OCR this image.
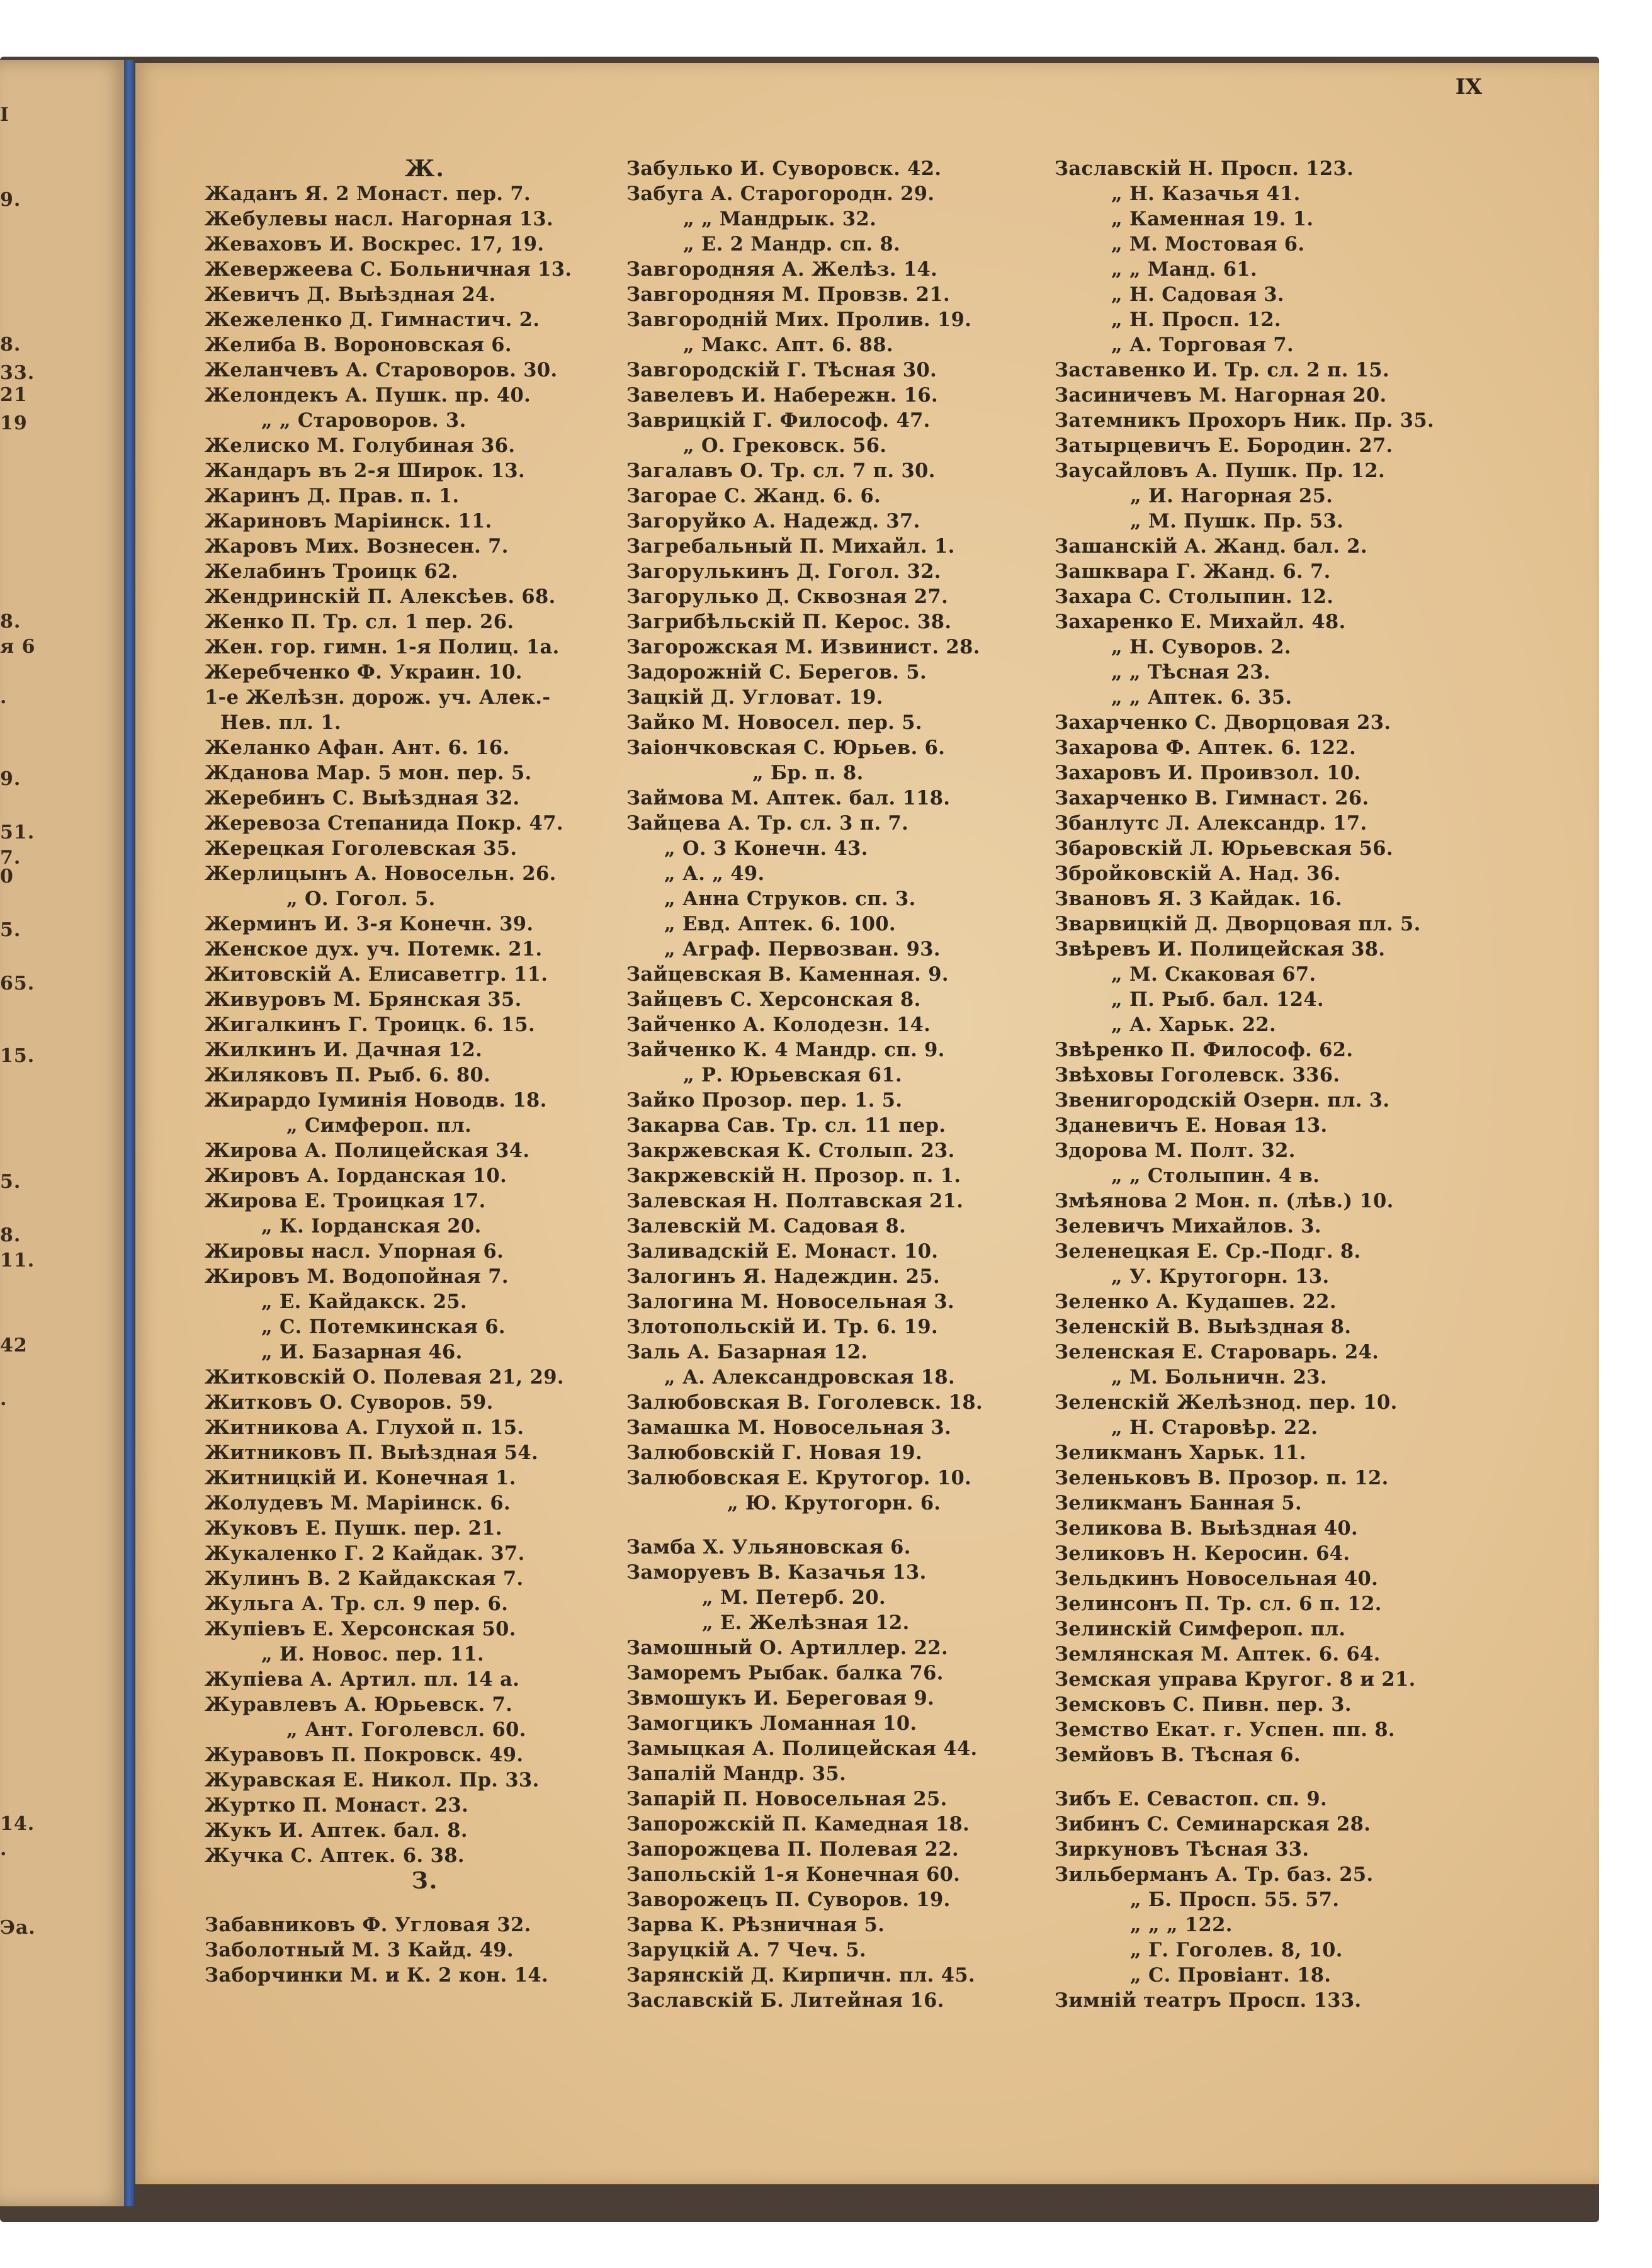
I
9.
8.
33.
21
19
8.
я 6
.
9.
51.
7.
0
5.
65.
15.
5.
8.
11.
42
.
14.
.
Эа.
IX
Ж.
Жаданъ Я. 2 Монаст. пер. 7.
Жебулевы насл. Нагорная 13.
Жеваховъ И. Воскрес. 17, 19.
Жевержеева С. Больничная 13.
Жевичъ Д. Выѣздная 24.
Жежеленко Д. Гимнастич. 2.
Желиба В. Вороновская 6.
Желанчевъ А. Староворов. 30.
Желондекъ А. Пушк. пр. 40.
„ „ Староворов. 3.
Желиско М. Голубиная 36.
Жандаръ въ 2-я Широк. 13.
Жаринъ Д. Прав. п. 1.
Жариновъ Маріинск. 11.
Жаровъ Мих. Вознесен. 7.
Желабинъ Троицк 62.
Жендринскій П. Алексѣев. 68.
Женко П. Тр. сл. 1 пер. 26.
Жен. гор. гимн. 1-я Полиц. 1а.
Жеребченко Ф. Украин. 10.
1-е Желѣзн. дорож. уч. Алек.-
Нев. пл. 1.
Желанко Афан. Ант. 6. 16.
Жданова Мар. 5 мон. пер. 5.
Жеребинъ С. Выѣздная 32.
Жеревоза Степанида Покр. 47.
Жерецкая Гоголевская 35.
Жерлицынъ А. Новосельн. 26.
„ О. Гогол. 5.
Жерминъ И. 3-я Конечн. 39.
Женское дух. уч. Потемк. 21.
Житовскій А. Елисаветгр. 11.
Живуровъ М. Брянская 35.
Жигалкинъ Г. Троицк. 6. 15.
Жилкинъ И. Дачная 12.
Жиляковъ П. Рыб. 6. 80.
Жирардо Іуминія Новодв. 18.
„ Симфероп. пл.
Жирова А. Полицейская 34.
Жировъ А. Іорданская 10.
Жирова Е. Троицкая 17.
„ К. Іорданская 20.
Жировы насл. Упорная 6.
Жировъ М. Водопойная 7.
„ Е. Кайдакск. 25.
„ С. Потемкинская 6.
„ И. Базарная 46.
Житковскій О. Полевая 21, 29.
Житковъ О. Суворов. 59.
Житникова А. Глухой п. 15.
Житниковъ П. Выѣздная 54.
Житницкій И. Конечная 1.
Жолудевъ М. Маріинск. 6.
Жуковъ Е. Пушк. пер. 21.
Жукаленко Г. 2 Кайдак. 37.
Жулинъ В. 2 Кайдакская 7.
Жульга А. Тр. сл. 9 пер. 6.
Жупіевъ Е. Херсонская 50.
„ И. Новос. пер. 11.
Жупіева А. Артил. пл. 14 а.
Журавлевъ А. Юрьевск. 7.
„ Ант. Гоголевсл. 60.
Журавовъ П. Покровск. 49.
Журавская Е. Никол. Пр. 33.
Журтко П. Монаст. 23.
Жукъ И. Аптек. бал. 8.
Жучка С. Аптек. 6. 38.
З.
Забавниковъ Ф. Угловая 32.
Заболотный М. 3 Кайд. 49.
Заборчинки М. и К. 2 кон. 14.
Забулько И. Суворовск. 42.
Забуга А. Старогородн. 29.
„ „ Мандрык. 32.
„ Е. 2 Мандр. сп. 8.
Завгородняя А. Желѣз. 14.
Завгородняя М. Провзв. 21.
Завгородній Мих. Пролив. 19.
„ Макс. Апт. 6. 88.
Завгородскій Г. Тѣсная 30.
Завелевъ И. Набережн. 16.
Заврицкій Г. Философ. 47.
„ О. Грековск. 56.
Загалавъ О. Тр. сл. 7 п. 30.
Загорае С. Жанд. 6. 6.
Загоруйко А. Надежд. 37.
Загребальный П. Михайл. 1.
Загорулькинъ Д. Гогол. 32.
Загорулько Д. Сквозная 27.
Загрибѣльскій П. Керос. 38.
Загорожская М. Извинист. 28.
Задорожній С. Берегов. 5.
Зацкій Д. Угловат. 19.
Зайко М. Новосел. пер. 5.
Заіончковская С. Юрьев. 6.
„ Бр. п. 8.
Займова М. Аптек. бал. 118.
Зайцева А. Тр. сл. 3 п. 7.
„ О. 3 Конечн. 43.
„ А. „ 49.
„ Анна Струков. сп. 3.
„ Евд. Аптек. 6. 100.
„ Аграф. Первозван. 93.
Зайцевская В. Каменная. 9.
Зайцевъ С. Херсонская 8.
Зайченко А. Колодезн. 14.
Зайченко К. 4 Мандр. сп. 9.
„ Р. Юрьевская 61.
Зайко Прозор. пер. 1. 5.
Закарва Сав. Тр. сл. 11 пер.
Закржевская К. Столып. 23.
Закржевскій Н. Прозор. п. 1.
Залевская Н. Полтавская 21.
Залевскій М. Садовая 8.
Заливадскій Е. Монаст. 10.
Залогинъ Я. Надеждин. 25.
Залогина М. Новосельная 3.
Злотопольскій И. Тр. 6. 19.
Заль А. Базарная 12.
„ А. Александровская 18.
Залюбовская В. Гоголевск. 18.
Замашка М. Новосельная 3.
Залюбовскій Г. Новая 19.
Залюбовская Е. Крутогор. 10.
„ Ю. Крутогорн. 6.
Замба Х. Ульяновская 6.
Заморуевъ В. Казачья 13.
„ М. Петерб. 20.
„ Е. Желѣзная 12.
Замошный О. Артиллер. 22.
Заморемъ Рыбак. балка 76.
Звмошукъ И. Береговая 9.
Замогцикъ Ломанная 10.
Замыцкая А. Полицейская 44.
Запалій Мандр. 35.
Запарій П. Новосельная 25.
Запорожскій П. Камедная 18.
Запорожцева П. Полевая 22.
Запольскій 1-я Конечная 60.
Заворожецъ П. Суворов. 19.
Зарва К. Рѣзничная 5.
Заруцкій А. 7 Чеч. 5.
Зарянскій Д. Кирпичн. пл. 45.
Заславскій Б. Литейная 16.
Заславскій Н. Просп. 123.
„ Н. Казачья 41.
„ Каменная 19. 1.
„ М. Мостовая 6.
„ „ Манд. 61.
„ Н. Садовая 3.
„ Н. Просп. 12.
„ А. Торговая 7.
Заставенко И. Тр. сл. 2 п. 15.
Засиничевъ М. Нагорная 20.
Затемникъ Прохоръ Ник. Пр. 35.
Затырцевичъ Е. Бородин. 27.
Заусайловъ А. Пушк. Пр. 12.
„ И. Нагорная 25.
„ М. Пушк. Пр. 53.
Зашанскій А. Жанд. бал. 2.
Зашквара Г. Жанд. 6. 7.
Захара С. Столыпин. 12.
Захаренко Е. Михайл. 48.
„ Н. Суворов. 2.
„ „ Тѣсная 23.
„ „ Аптек. 6. 35.
Захарченко С. Дворцовая 23.
Захарова Ф. Аптек. 6. 122.
Захаровъ И. Проивзол. 10.
Захарченко В. Гимнаст. 26.
Збанлутс Л. Александр. 17.
Збаровскій Л. Юрьевская 56.
Збройковскій А. Над. 36.
Звановъ Я. 3 Кайдак. 16.
Зварвицкій Д. Дворцовая пл. 5.
Звѣревъ И. Полицейская 38.
„ М. Скаковая 67.
„ П. Рыб. бал. 124.
„ А. Харьк. 22.
Звѣренко П. Философ. 62.
Звѣховы Гоголевск. 336.
Звенигородскій Озерн. пл. 3.
Зданевичъ Е. Новая 13.
Здорова М. Полт. 32.
„ „ Столыпин. 4 в.
Змѣянова 2 Мон. п. (лѣв.) 10.
Зелевичъ Михайлов. 3.
Зеленецкая Е. Ср.-Подг. 8.
„ У. Крутогорн. 13.
Зеленко А. Кудашев. 22.
Зеленскій В. Выѣздная 8.
Зеленская Е. Староварь. 24.
„ М. Больничн. 23.
Зеленскій Желѣзнод. пер. 10.
„ Н. Старовѣр. 22.
Зеликманъ Харьк. 11.
Зеленьковъ В. Прозор. п. 12.
Зеликманъ Банная 5.
Зеликова В. Выѣздная 40.
Зеликовъ Н. Керосин. 64.
Зельдкинъ Новосельная 40.
Зелинсонъ П. Тр. сл. 6 п. 12.
Зелинскій Симфероп. пл.
Землянская М. Аптек. 6. 64.
Земская управа Кругог. 8 и 21.
Земсковъ С. Пивн. пер. 3.
Земство Екат. г. Успен. пп. 8.
Земйовъ В. Тѣсная 6.
Зибъ Е. Севастоп. сп. 9.
Зибинъ С. Семинарская 28.
Зиркуновъ Тѣсная 33.
Зильберманъ А. Тр. баз. 25.
„ Б. Просп. 55. 57.
„ „ „ 122.
„ Г. Гоголев. 8, 10.
„ С. Провіант. 18.
Зимній театръ Просп. 133.
